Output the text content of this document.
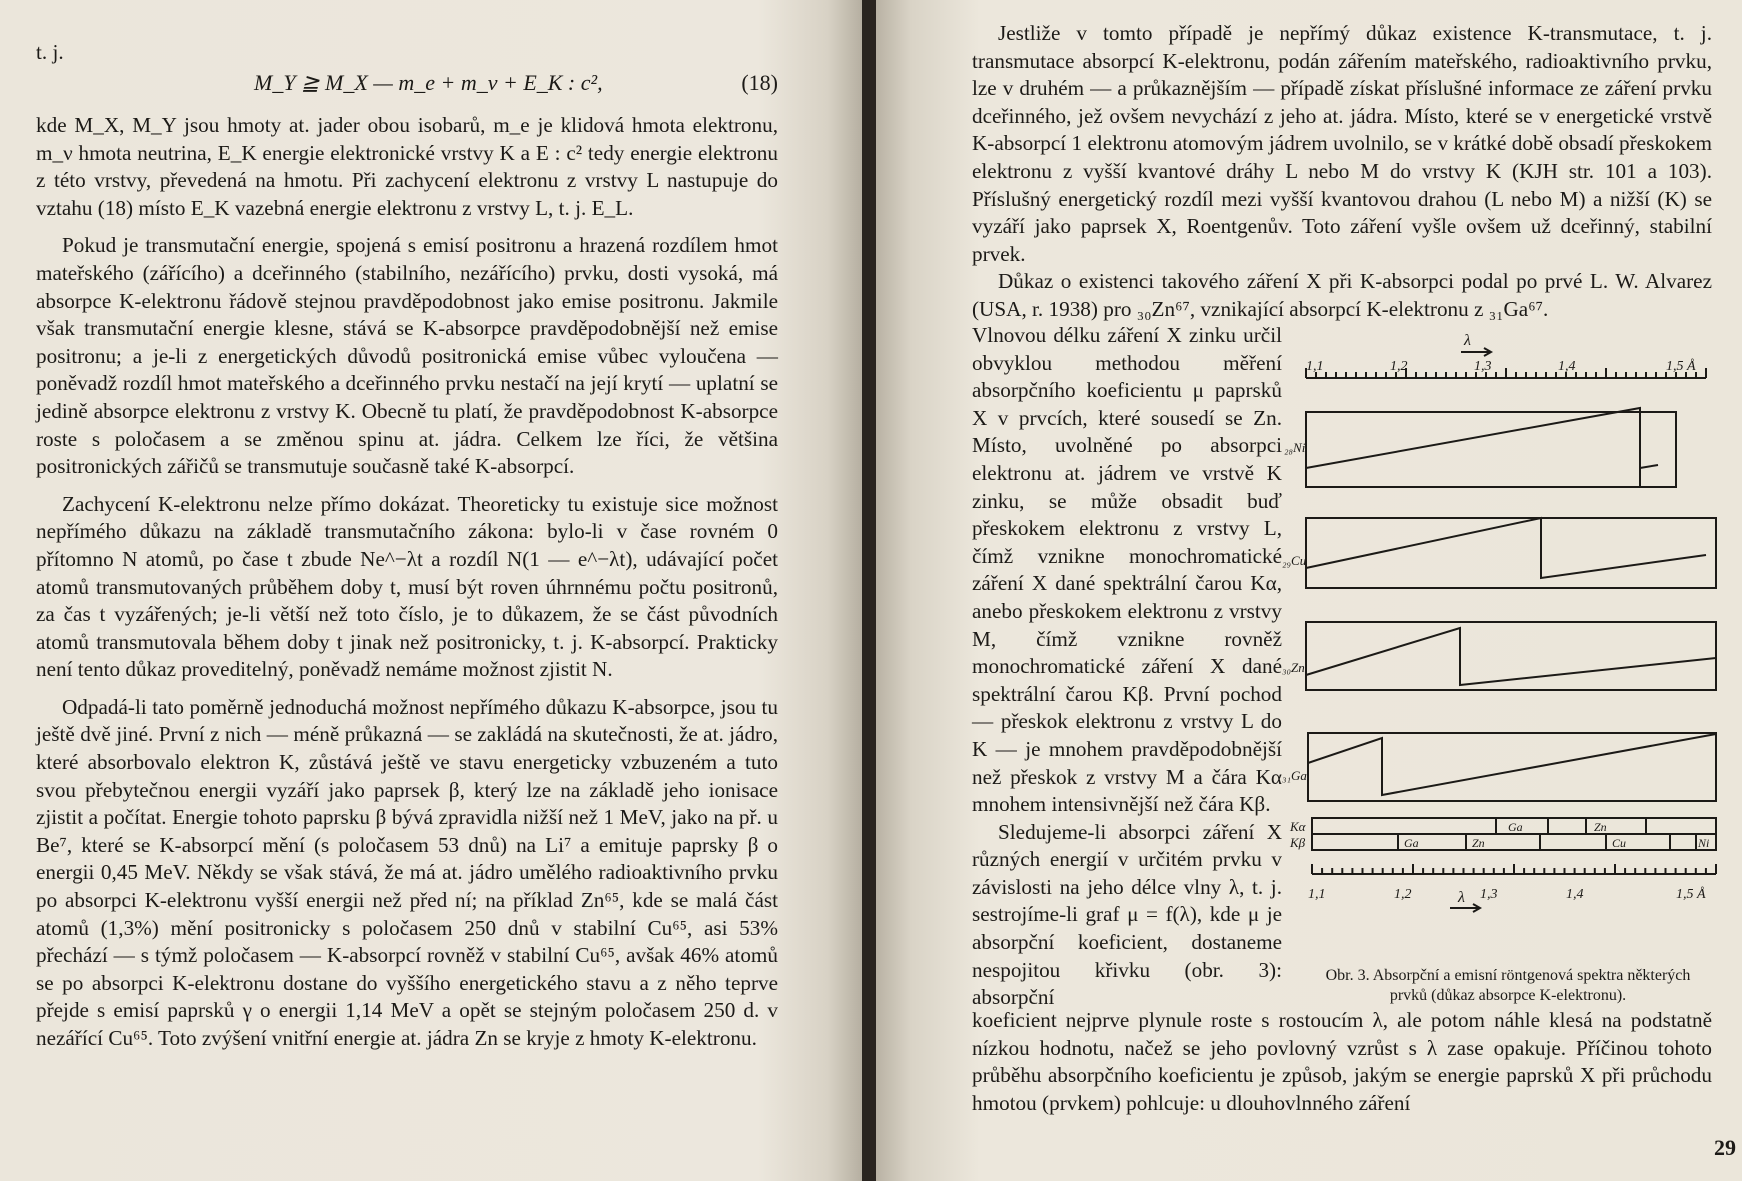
t. j.
M_Y ≧ M_X — m_e + m_ν + E_K : c²,	(18)

kde M_X, M_Y jsou hmoty at. jader obou isobarů, m_e je klidová hmota elektronu, m_ν hmota neutrina, E_K energie elektronické vrstvy K a E : c² tedy energie elektronu z této vrstvy, převedená na hmotu. Při zachycení elektronu z vrstvy L nastupuje do vztahu (18) místo E_K vazebná energie elektronu z vrstvy L, t. j. E_L.

Pokud je transmutační energie, spojená s emisí positronu a hrazená rozdílem hmot mateřského (zářícího) a dceřinného (stabilního, nezářícího) prvku, dosti vysoká, má absorpce K-elektronu řádově stejnou pravděpodobnost jako emise positronu. Jakmile však transmutační energie klesne, stává se K-absorpce pravděpodobnější než emise positronu; a je-li z energetických důvodů positronická emise vůbec vyloučena — poněvadž rozdíl hmot mateřského a dceřinného prvku nestačí na její krytí — uplatní se jedině absorpce elektronu z vrstvy K. Obecně tu platí, že pravděpodobnost K-absorpce roste s poločasem a se změnou spinu at. jádra. Celkem lze říci, že většina positronických zářičů se transmutuje současně také K-absorpcí.

Zachycení K-elektronu nelze přímo dokázat. Theoreticky tu existuje sice možnost nepřímého důkazu na základě transmutačního zákona: bylo-li v čase rovném 0 přítomno N atomů, po čase t zbude Ne^−λt a rozdíl N(1 — e^−λt), udávající počet atomů transmutovaných průběhem doby t, musí být roven úhrnnému počtu positronů, za čas t vyzářených; je-li větší než toto číslo, je to důkazem, že se část původních atomů transmutovala během doby t jinak než positronicky, t. j. K-absorpcí. Prakticky není tento důkaz proveditelný, poněvadž nemáme možnost zjistit N.

Odpadá-li tato poměrně jednoduchá možnost nepřímého důkazu K-absorpce, jsou tu ještě dvě jiné. První z nich — méně průkazná — se zakládá na skutečnosti, že at. jádro, které absorbovalo elektron K, zůstává ještě ve stavu energeticky vzbuzeném a tuto svou přebytečnou energii vyzáří jako paprsek β, který lze na základě jeho ionisace zjistit a počítat. Energie tohoto paprsku β bývá zpravidla nižší než 1 MeV, jako na př. u Be⁷, které se K-absorpcí mění (s poločasem 53 dnů) na Li⁷ a emituje paprsky β o energii 0,45 MeV. Někdy se však stává, že má at. jádro umělého radioaktivního prvku po absorpci K-elektronu vyšší energii než před ní; na příklad Zn⁶⁵, kde se malá část atomů (1,3%) mění positronicky s poločasem 250 dnů v stabilní Cu⁶⁵, asi 53% přechází — s týmž poločasem — K-absorpcí rovněž v stabilní Cu⁶⁵, avšak 46% atomů se po absorpci K-elektronu dostane do vyššího energetického stavu a z něho teprve přejde s emisí paprsků γ o energii 1,14 MeV a opět se stejným poločasem 250 d. v nezářící Cu⁶⁵. Toto zvýšení vnitřní energie at. jádra Zn se kryje z hmoty K-elektronu.

Jestliže v tomto případě je nepřímý důkaz existence K-transmutace, t. j. transmutace absorpcí K-elektronu, podán zářením mateřského, radioaktivního prvku, lze v druhém — a průkaznějším — případě získat příslušné informace ze záření prvku dceřinného, jež ovšem nevychází z jeho at. jádra. Místo, které se v energetické vrstvě K-absorpcí 1 elektronu atomovým jádrem uvolnilo, se v krátké době obsadí přeskokem elektronu z vyšší kvantové dráhy L nebo M do vrstvy K (KJH str. 101 a 103). Příslušný energetický rozdíl mezi vyšší kvantovou drahou (L nebo M) a nižší (K) se vyzáří jako paprsek X, Roentgenův. Toto záření vyšle ovšem už dceřinný, stabilní prvek.

Důkaz o existenci takového záření X při K-absorpci podal po prvé L. W. Alvarez (USA, r. 1938) pro ₃₀Zn⁶⁷, vznikající absorpcí K-elektronu z ₃₁Ga⁶⁷.

Vlnovou délku záření X zinku určil obvyklou methodou měření absorpčního koeficientu μ paprsků X v prvcích, které sousedí se Zn. Místo, uvolněné po absorpci elektronu at. jádrem ve vrstvě K zinku, se může obsadit buď přeskokem elektronu z vrstvy L, čímž vznikne monochromatické záření X dané spektrální čarou Kα, anebo přeskokem elektronu z vrstvy M, čímž vznikne rovněž monochromatické záření X dané spektrální čarou Kβ. První pochod — přeskok elektronu z vrstvy L do K — je mnohem pravděpodobnější než přeskok z vrstvy M a čára Kα mnohem intensivnější než čára Kβ.

Sledujeme-li absorpci záření X různých energií v určitém prvku v závislosti na jeho délce vlny λ, t. j. sestrojíme-li graf μ = f(λ), kde μ je absorpční koeficient, dostaneme nespojitou křivku (obr. 3): absorpční

λ
1,1	1,2	1,3	1,4	1,5 Å
₂₈Ni
₂₉Cu
₃₀Zn
₃₁Ga
Kα
Kβ
Ga	Zn
Ga	Zn	Cu	Ni
1,1	1,2	1,3	1,4	1,5 Å
λ
Obr. 3. Absorpční a emisní röntgenová spektra některých prvků (důkaz absorpce K-elektronu).

koeficient nejprve plynule roste s rostoucím λ, ale potom náhle klesá na podstatně nízkou hodnotu, načež se jeho povlovný vzrůst s λ zase opakuje. Příčinou tohoto průběhu absorpčního koeficientu je způsob, jakým se energie paprsků X při průchodu hmotou (prvkem) pohlcuje: u dlouhovlnného záření

29
